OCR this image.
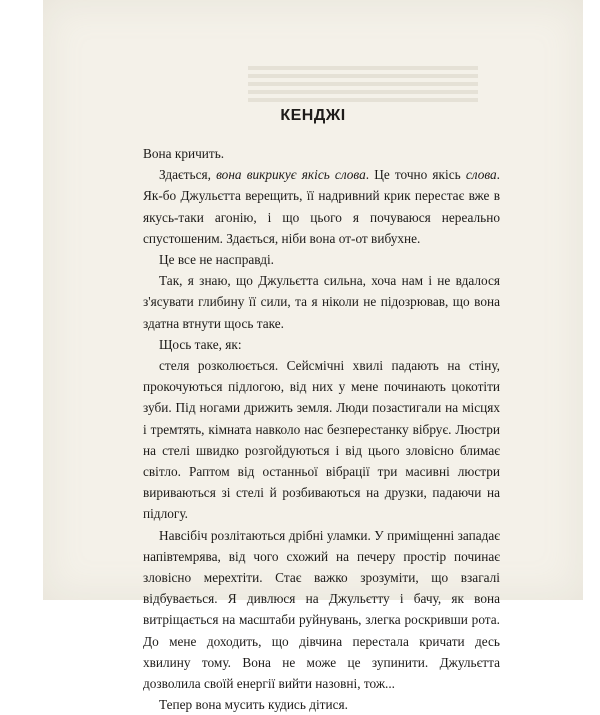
КЕНДЖІ

Вона кричить.

Здається, вона викрикує якісь слова. Це точно якісь слова. Як-бо Джульєтта верещить, її надривний крик перестає вже в якусь-таки агонію, і що цього я почуваюся нереально спустошеним. Здається, ніби вона от-от вибухне.

Це все не насправді.

Так, я знаю, що Джульєтта сильна, хоча нам і не вдалося з'ясувати глибину її сили, та я ніколи не підозрював, що вона здатна втнути щось таке.

Щось таке, як:

стеля розколюється. Сейсмічні хвилі падають на стіну, прокочуються підлогою, від них у мене починають цокотіти зуби. Під ногами дрижить земля. Люди позастигали на місцях і тремтять, кімната навколо нас безперестанку вібрує. Люстри на стелі швидко розгойдуються і від цього зловісно блимає світло. Раптом від останньої вібрації три масивні люстри вириваються зі стелі й розбиваються на друзки, падаючи на підлогу.

Навсібіч розлітаються дрібні уламки. У приміщенні западає напівтемрява, від чого схожий на печеру простір починає зловісно мерехтіти. Стає важко зрозуміти, що взагалі відбувається. Я дивлюся на Джульєтту і бачу, як вона витріщається на масштаби руйнувань, злегка роскривши рота. До мене доходить, що дівчина перестала кричати десь хвилину тому. Вона не може це зупинити. Джульєтта дозволила своїй енергії вийти назовні, тож...

Тепер вона мусить кудись дітися.
